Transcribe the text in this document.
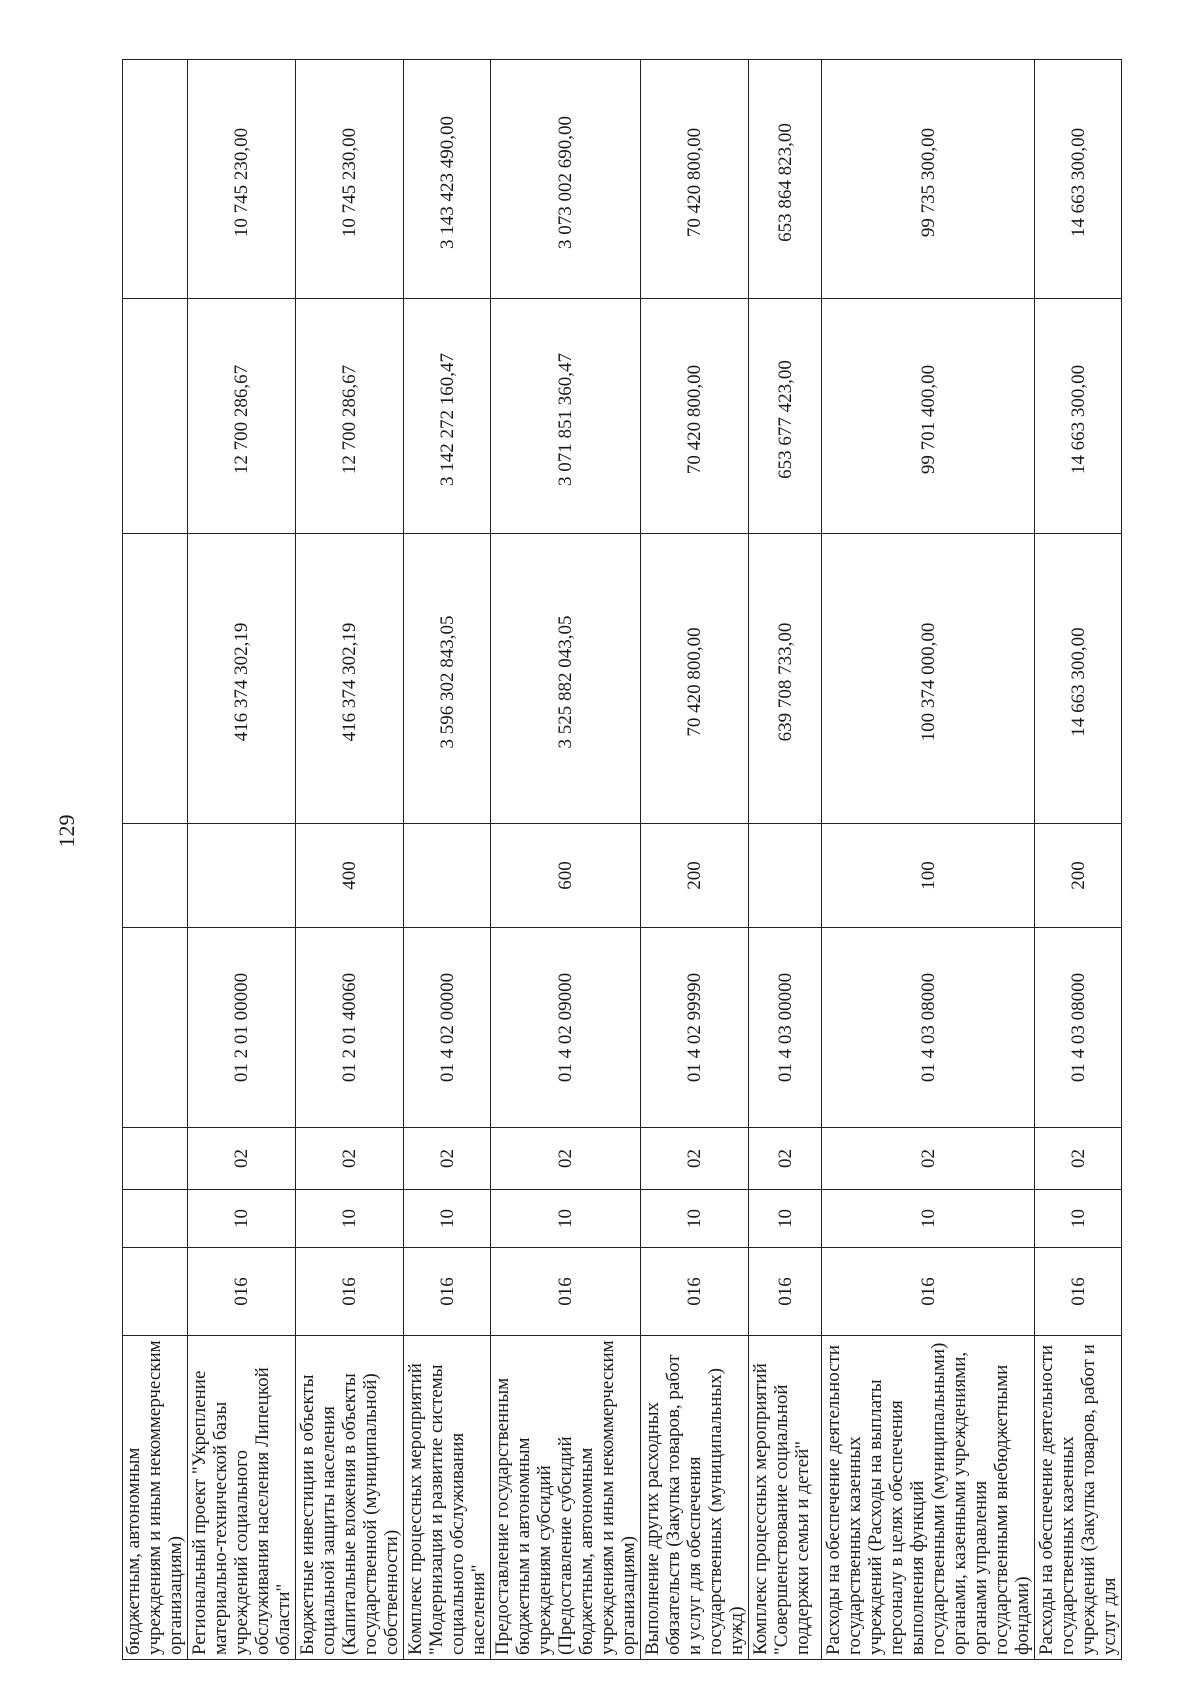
129
бюджетным, автономным учреждениям и иным некоммерческим организациям)								
Региональный проект "Укрепление материально-технической базы учреждений социального обслуживания населения Липецкой области"	016	10	02	01 2 01 00000		416 374 302,19	12 700 286,67	10 745 230,00
Бюджетные инвестиции в объекты социальной защиты населения (Капитальные вложения в объекты государственной (муниципальной) собственности)	016	10	02	01 2 01 40060	400	416 374 302,19	12 700 286,67	10 745 230,00
Комплекс процессных мероприятий "Модернизация и развитие системы социального обслуживания населения"	016	10	02	01 4 02 00000		3 596 302 843,05	3 142 272 160,47	3 143 423 490,00
Предоставление государственным бюджетным и автономным учреждениям субсидий (Предоставление субсидий бюджетным, автономным учреждениям и иным некоммерческим организациям)	016	10	02	01 4 02 09000	600	3 525 882 043,05	3 071 851 360,47	3 073 002 690,00
Выполнение других расходных обязательств (Закупка товаров, работ и услуг для обеспечения государственных (муниципальных) нужд)	016	10	02	01 4 02 99990	200	70 420 800,00	70 420 800,00	70 420 800,00
Комплекс процессных мероприятий "Совершенствование социальной поддержки семьи и детей"	016	10	02	01 4 03 00000		639 708 733,00	653 677 423,00	653 864 823,00
Расходы на обеспечение деятельности государственных казенных учреждений (Расходы на выплаты персоналу в целях обеспечения выполнения функций государственными (муниципальными) органами, казенными учреждениями, органами управления государственными внебюджетными фондами)	016	10	02	01 4 03 08000	100	100 374 000,00	99 701 400,00	99 735 300,00
Расходы на обеспечение деятельности государственных казенных учреждений (Закупка товаров, работ и услуг для	016	10	02	01 4 03 08000	200	14 663 300,00	14 663 300,00	14 663 300,00
